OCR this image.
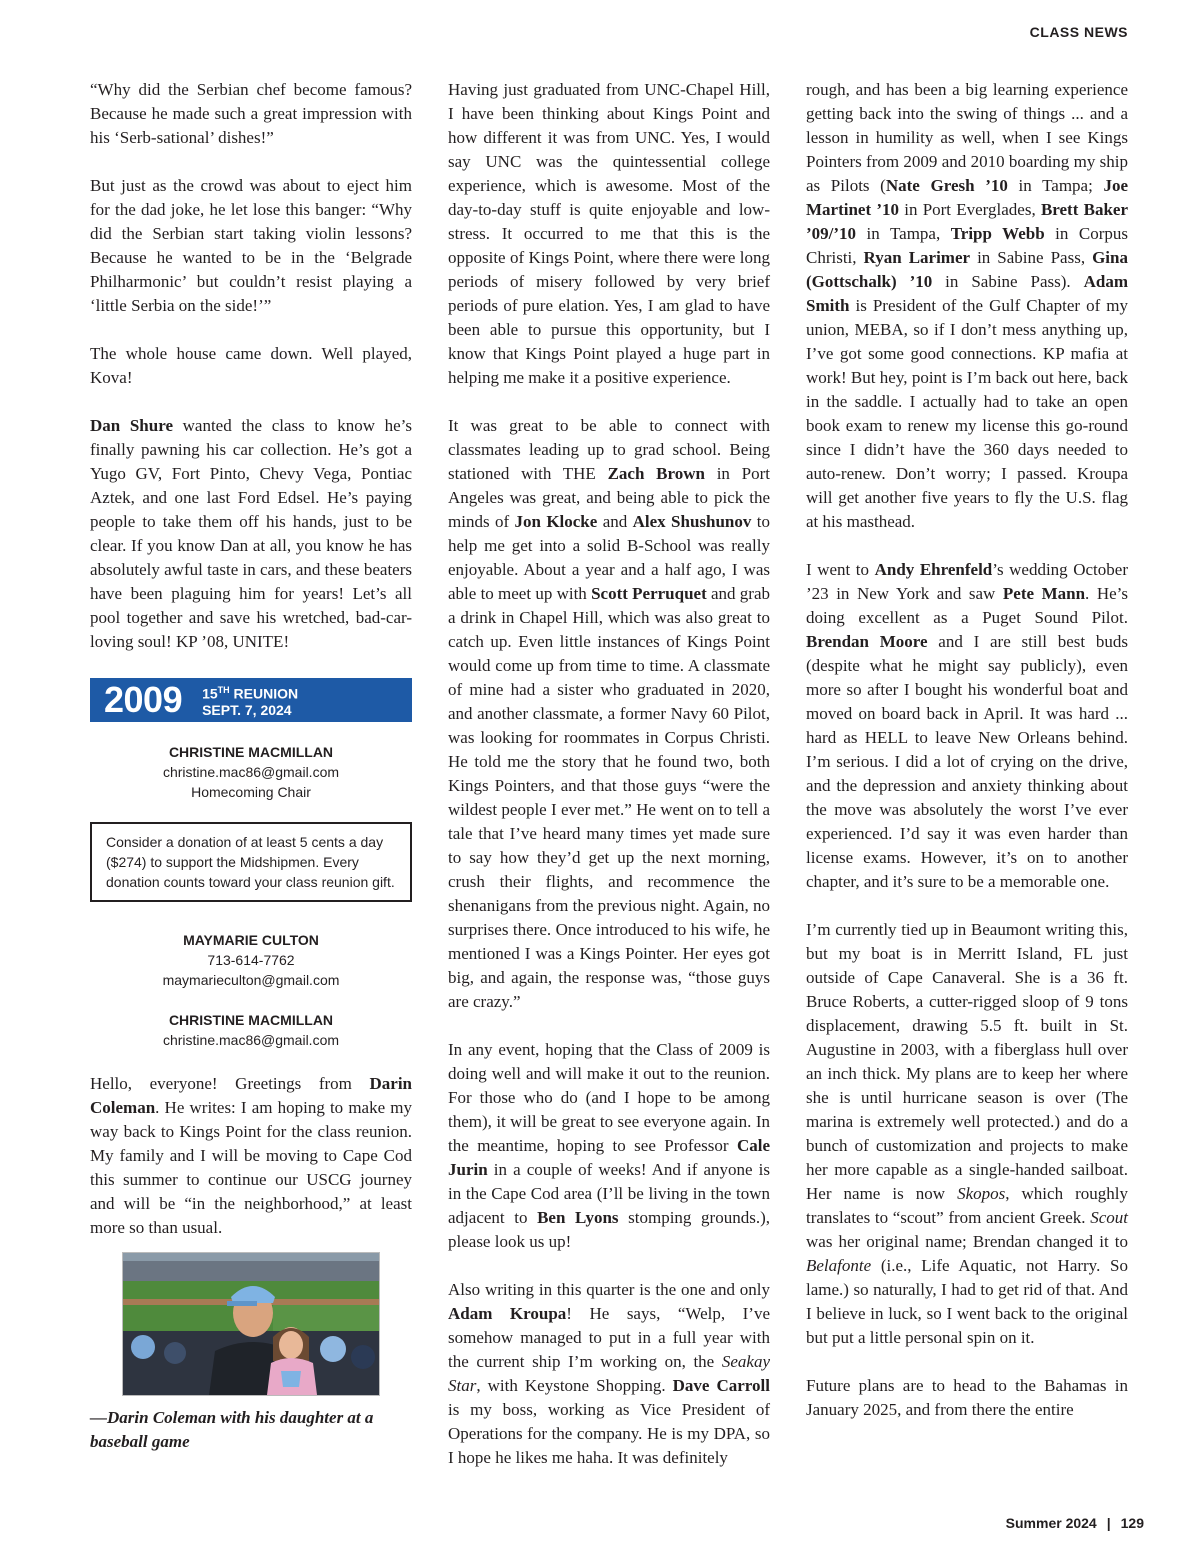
CLASS NEWS

“Why did the Serbian chef become famous? Because he made such a great impression with his ‘Serb-sational’ dishes!”

But just as the crowd was about to eject him for the dad joke, he let lose this banger: “Why did the Serbian start taking violin lessons? Because he wanted to be in the ‘Belgrade Philharmonic’ but couldn’t resist playing a ‘little Serbia on the side!’”

The whole house came down. Well played, Kova!

Dan Shure wanted the class to know he’s finally pawning his car collection. He’s got a Yugo GV, Fort Pinto, Chevy Vega, Pontiac Aztek, and one last Ford Edsel. He’s paying people to take them off his hands, just to be clear. If you know Dan at all, you know he has absolutely awful taste in cars, and these beaters have been plaguing him for years! Let’s all pool together and save his wretched, bad-car-loving soul! KP ’08, UNITE!

2009 15TH REUNION
SEPT. 7, 2024
CHRISTINE MACMILLAN
christine.mac86@gmail.com
Homecoming Chair
Consider a donation of at least 5 cents a day ($274) to support the Midshipmen. Every donation counts toward your class reunion gift.
MAYMARIE CULTON
713-614-7762
maymarieculton@gmail.com
CHRISTINE MACMILLAN
christine.mac86@gmail.com

Hello, everyone! Greetings from Darin Coleman. He writes: I am hoping to make my way back to Kings Point for the class reunion. My family and I will be moving to Cape Cod this summer to continue our USCG journey and will be “in the neighborhood,” at least more so than usual.

—Darin Coleman with his daughter at a baseball game

Having just graduated from UNC-Chapel Hill, I have been thinking about Kings Point and how different it was from UNC. Yes, I would say UNC was the quintessential college experience, which is awesome. Most of the day-to-day stuff is quite enjoyable and low-stress. It occurred to me that this is the opposite of Kings Point, where there were long periods of misery followed by very brief periods of pure elation. Yes, I am glad to have been able to pursue this opportunity, but I know that Kings Point played a huge part in helping me make it a positive experience.

It was great to be able to connect with classmates leading up to grad school. Being stationed with THE Zach Brown in Port Angeles was great, and being able to pick the minds of Jon Klocke and Alex Shushunov to help me get into a solid B-School was really enjoyable. About a year and a half ago, I was able to meet up with Scott Perruquet and grab a drink in Chapel Hill, which was also great to catch up. Even little instances of Kings Point would come up from time to time. A classmate of mine had a sister who graduated in 2020, and another classmate, a former Navy 60 Pilot, was looking for roommates in Corpus Christi. He told me the story that he found two, both Kings Pointers, and that those guys “were the wildest people I ever met.” He went on to tell a tale that I’ve heard many times yet made sure to say how they’d get up the next morning, crush their flights, and recommence the shenanigans from the previous night. Again, no surprises there. Once introduced to his wife, he mentioned I was a Kings Pointer. Her eyes got big, and again, the response was, “those guys are crazy.”

In any event, hoping that the Class of 2009 is doing well and will make it out to the reunion. For those who do (and I hope to be among them), it will be great to see everyone again. In the meantime, hoping to see Professor Cale Jurin in a couple of weeks! And if anyone is in the Cape Cod area (I’ll be living in the town adjacent to Ben Lyons stomping grounds.), please look us up!

Also writing in this quarter is the one and only Adam Kroupa! He says, “Welp, I’ve somehow managed to put in a full year with the current ship I’m working on, the Seakay Star, with Keystone Shopping. Dave Carroll is my boss, working as Vice President of Operations for the company. He is my DPA, so I hope he likes me haha. It was definitely

rough, and has been a big learning experience getting back into the swing of things ... and a lesson in humility as well, when I see Kings Pointers from 2009 and 2010 boarding my ship as Pilots (Nate Gresh ’10 in Tampa; Joe Martinet ’10 in Port Everglades, Brett Baker ’09/’10 in Tampa, Tripp Webb in Corpus Christi, Ryan Larimer in Sabine Pass, Gina (Gottschalk) ’10 in Sabine Pass). Adam Smith is President of the Gulf Chapter of my union, MEBA, so if I don’t mess anything up, I’ve got some good connections. KP mafia at work! But hey, point is I’m back out here, back in the saddle. I actually had to take an open book exam to renew my license this go-round since I didn’t have the 360 days needed to auto-renew. Don’t worry; I passed. Kroupa will get another five years to fly the U.S. flag at his masthead.

I went to Andy Ehrenfeld’s wedding October ’23 in New York and saw Pete Mann. He’s doing excellent as a Puget Sound Pilot. Brendan Moore and I are still best buds (despite what he might say publicly), even more so after I bought his wonderful boat and moved on board back in April. It was hard ... hard as HELL to leave New Orleans behind. I’m serious. I did a lot of crying on the drive, and the depression and anxiety thinking about the move was absolutely the worst I’ve ever experienced. I’d say it was even harder than license exams. However, it’s on to another chapter, and it’s sure to be a memorable one.

I’m currently tied up in Beaumont writing this, but my boat is in Merritt Island, FL just outside of Cape Canaveral. She is a 36 ft. Bruce Roberts, a cutter-rigged sloop of 9 tons displacement, drawing 5.5 ft. built in St. Augustine in 2003, with a fiberglass hull over an inch thick. My plans are to keep her where she is until hurricane season is over (The marina is extremely well protected.) and do a bunch of customization and projects to make her more capable as a single-handed sailboat. Her name is now Skopos, which roughly translates to “scout” from ancient Greek. Scout was her original name; Brendan changed it to Belafonte (i.e., Life Aquatic, not Harry. So lame.) so naturally, I had to get rid of that. And I believe in luck, so I went back to the original but put a little personal spin on it.

Future plans are to head to the Bahamas in January 2025, and from there the entire

Summer 2024 | 129
